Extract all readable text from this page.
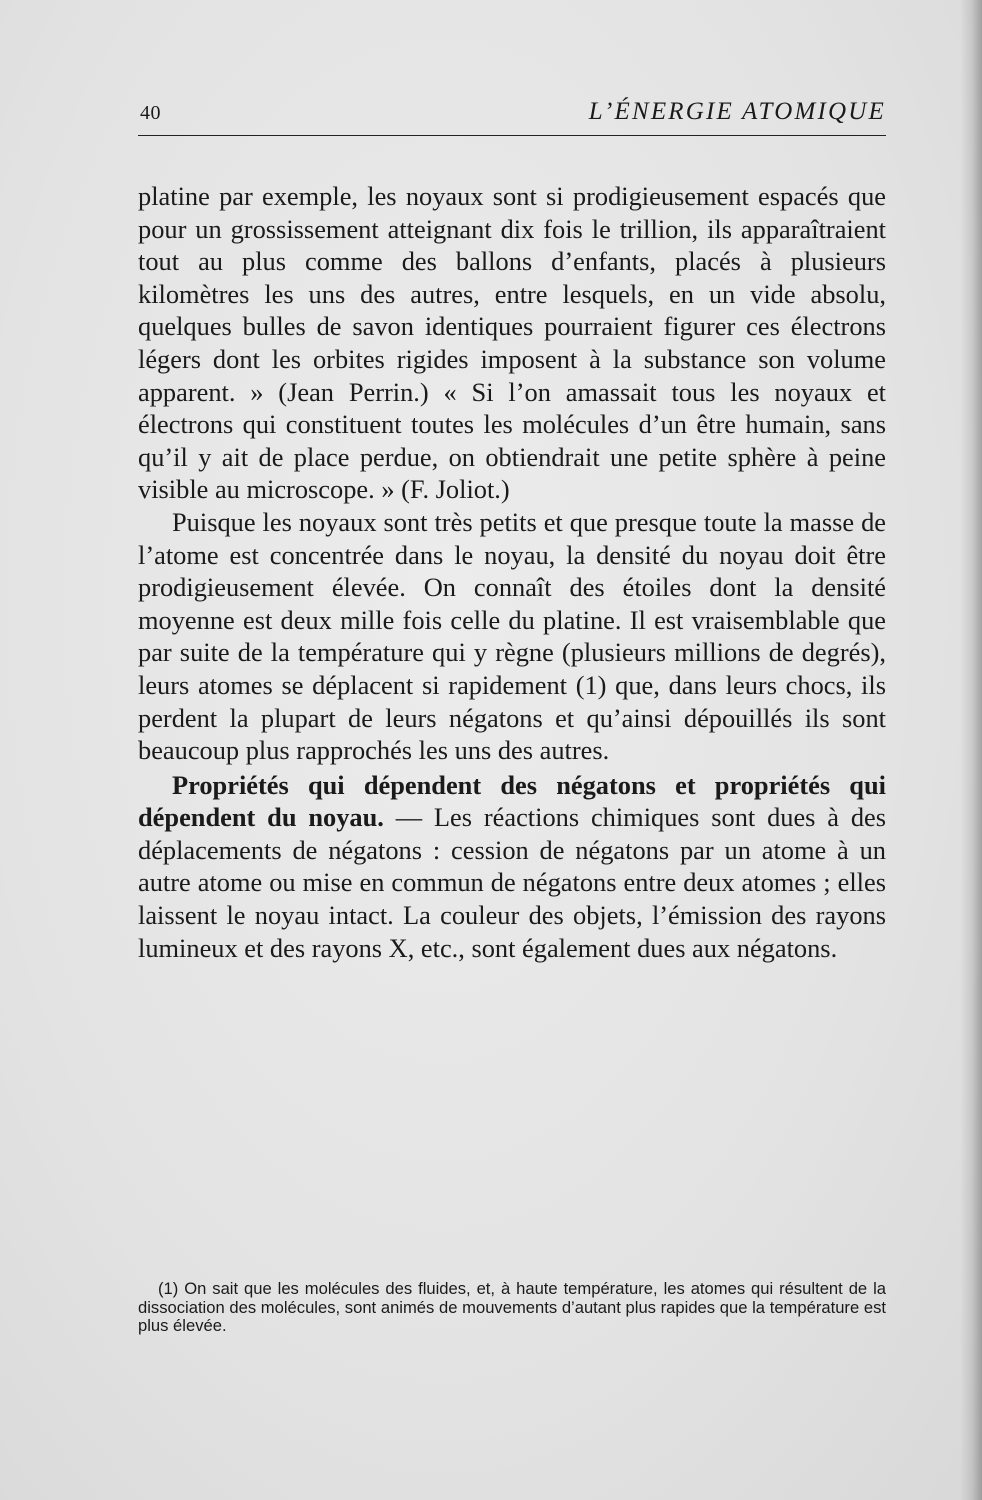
40	L’ÉNERGIE ATOMIQUE

platine par exemple, les noyaux sont si prodigieusement espacés que pour un grossissement atteignant dix fois le trillion, ils apparaîtraient tout au plus comme des ballons d’enfants, placés à plusieurs kilomètres les uns des autres, entre lesquels, en un vide absolu, quelques bulles de savon identiques pourraient figurer ces électrons légers dont les orbites rigides imposent à la substance son volume apparent. » (Jean Perrin.) « Si l’on amassait tous les noyaux et électrons qui constituent toutes les molécules d’un être humain, sans qu’il y ait de place perdue, on obtiendrait une petite sphère à peine visible au microscope. » (F. Joliot.)

Puisque les noyaux sont très petits et que presque toute la masse de l’atome est concentrée dans le noyau, la densité du noyau doit être prodigieusement élevée. On connaît des étoiles dont la densité moyenne est deux mille fois celle du platine. Il est vraisemblable que par suite de la température qui y règne (plusieurs millions de degrés), leurs atomes se déplacent si rapidement (1) que, dans leurs chocs, ils perdent la plupart de leurs négatons et qu’ainsi dépouillés ils sont beaucoup plus rapprochés les uns des autres.

Propriétés qui dépendent des négatons et propriétés qui dépendent du noyau. — Les réactions chimiques sont dues à des déplacements de négatons : cession de négatons par un atome à un autre atome ou mise en commun de négatons entre deux atomes ; elles laissent le noyau intact. La couleur des objets, l’émission des rayons lumineux et des rayons X, etc., sont également dues aux négatons.

(1) On sait que les molécules des fluides, et, à haute température, les atomes qui résultent de la dissociation des molécules, sont animés de mouvements d’autant plus rapides que la température est plus élevée.
